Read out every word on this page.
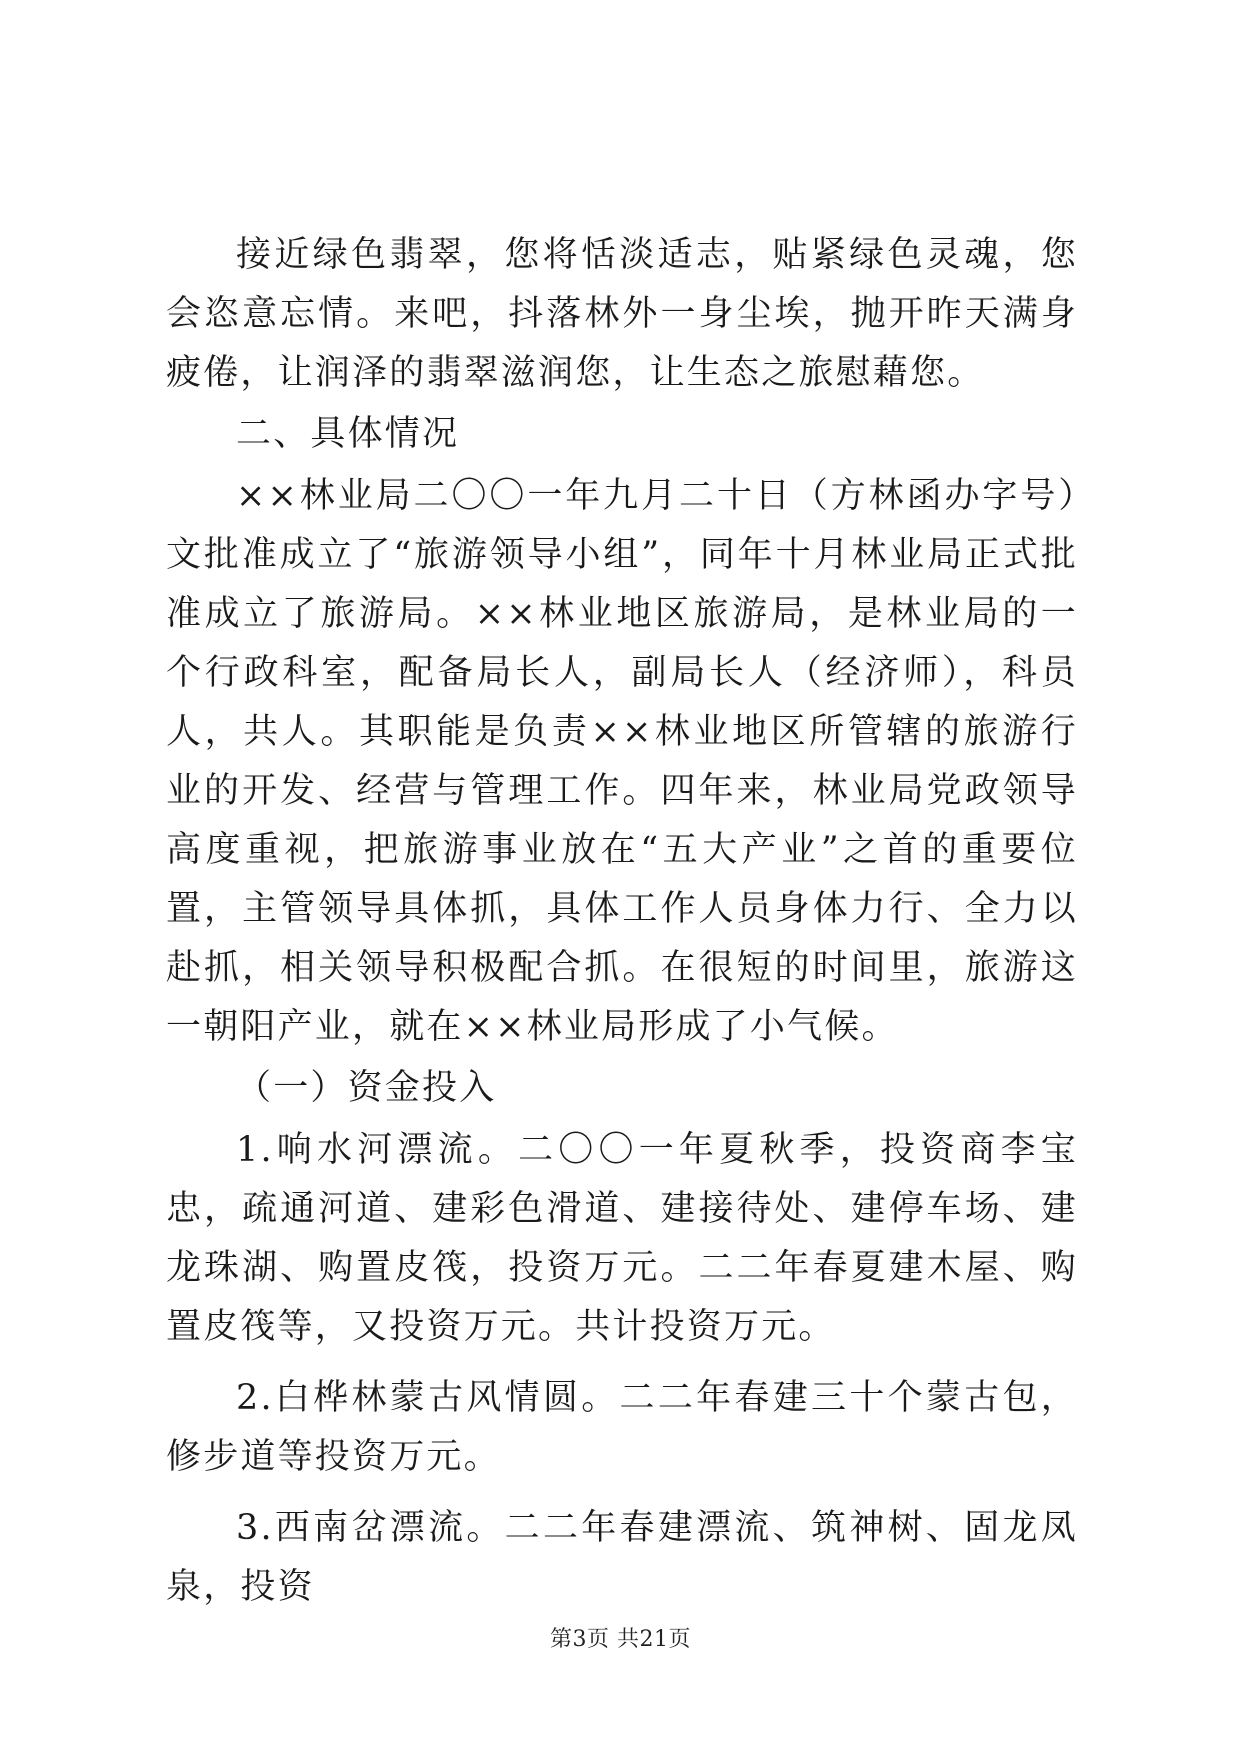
接近绿色翡翠，您将恬淡适志，贴紧绿色灵魂，您会恣意忘情。来吧，抖落林外一身尘埃，抛开昨天满身疲倦，让润泽的翡翠滋润您，让生态之旅慰藉您。

二、具体情况

××林业局二〇〇一年九月二十日（方林函办字号）文批准成立了“旅游领导小组”，同年十月林业局正式批准成立了旅游局。××林业地区旅游局，是林业局的一个行政科室，配备局长人，副局长人（经济师），科员人，共人。其职能是负责××林业地区所管辖的旅游行业的开发、经营与管理工作。四年来，林业局党政领导高度重视，把旅游事业放在“五大产业”之首的重要位置，主管领导具体抓，具体工作人员身体力行、全力以赴抓，相关领导积极配合抓。在很短的时间里，旅游这一朝阳产业，就在××林业局形成了小气候。

（一）资金投入

1.响水河漂流。二〇〇一年夏秋季，投资商李宝忠，疏通河道、建彩色滑道、建接待处、建停车场、建龙珠湖、购置皮筏，投资万元。二二年春夏建木屋、购置皮筏等，又投资万元。共计投资万元。

2.白桦林蒙古风情圆。二二年春建三十个蒙古包，修步道等投资万元。

3.西南岔漂流。二二年春建漂流、筑神树、固龙凤泉，投资

第3页 共21页
